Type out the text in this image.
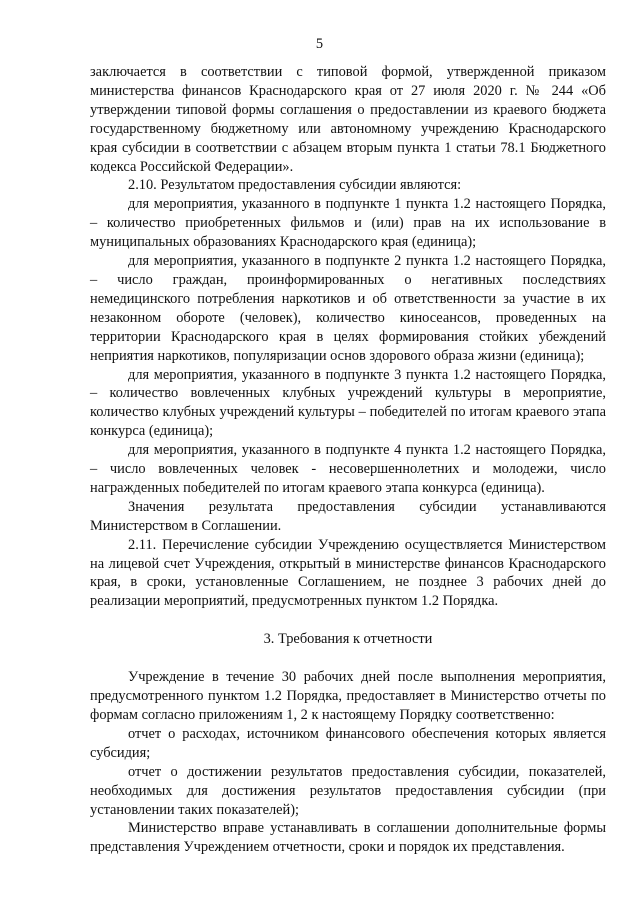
5

заключается в соответствии с типовой формой, утвержденной приказом министерства финансов Краснодарского края от 27 июля 2020 г. № 244 «Об утверждении типовой формы соглашения о предоставлении из краевого бюджета государственному бюджетному или автономному учреждению Краснодарского края субсидии в соответствии с абзацем вторым пункта 1 статьи 78.1 Бюджетного кодекса Российской Федерации».

2.10. Результатом предоставления субсидии являются:

для мероприятия, указанного в подпункте 1 пункта 1.2 настоящего Порядка, – количество приобретенных фильмов и (или) прав на их использование в муниципальных образованиях Краснодарского края (единица);

для мероприятия, указанного в подпункте 2 пункта 1.2 настоящего Порядка, – число граждан, проинформированных о негативных последствиях немедицинского потребления наркотиков и об ответственности за участие в их незаконном обороте (человек), количество киносеансов, проведенных на территории Краснодарского края в целях формирования стойких убеждений неприятия наркотиков, популяризации основ здорового образа жизни (единица);

для мероприятия, указанного в подпункте 3 пункта 1.2 настоящего Порядка, – количество вовлеченных клубных учреждений культуры в мероприятие, количество клубных учреждений культуры – победителей по итогам краевого этапа конкурса (единица);

для мероприятия, указанного в подпункте 4 пункта 1.2 настоящего Порядка, – число вовлеченных человек - несовершеннолетних и молодежи, число награжденных победителей по итогам краевого этапа конкурса (единица).

Значения результата предоставления субсидии устанавливаются Министерством в Соглашении.

2.11. Перечисление субсидии Учреждению осуществляется Министерством на лицевой счет Учреждения, открытый в министерстве финансов Краснодарского края, в сроки, установленные Соглашением, не позднее 3 рабочих дней до реализации мероприятий, предусмотренных пунктом 1.2 Порядка.

3. Требования к отчетности

Учреждение в течение 30 рабочих дней после выполнения мероприятия, предусмотренного пунктом 1.2 Порядка, предоставляет в Министерство отчеты по формам согласно приложениям 1, 2 к настоящему Порядку соответственно:

отчет о расходах, источником финансового обеспечения которых является субсидия;

отчет о достижении результатов предоставления субсидии, показателей, необходимых для достижения результатов предоставления субсидии (при установлении таких показателей);

Министерство вправе устанавливать в соглашении дополнительные формы представления Учреждением отчетности, сроки и порядок их представления.
